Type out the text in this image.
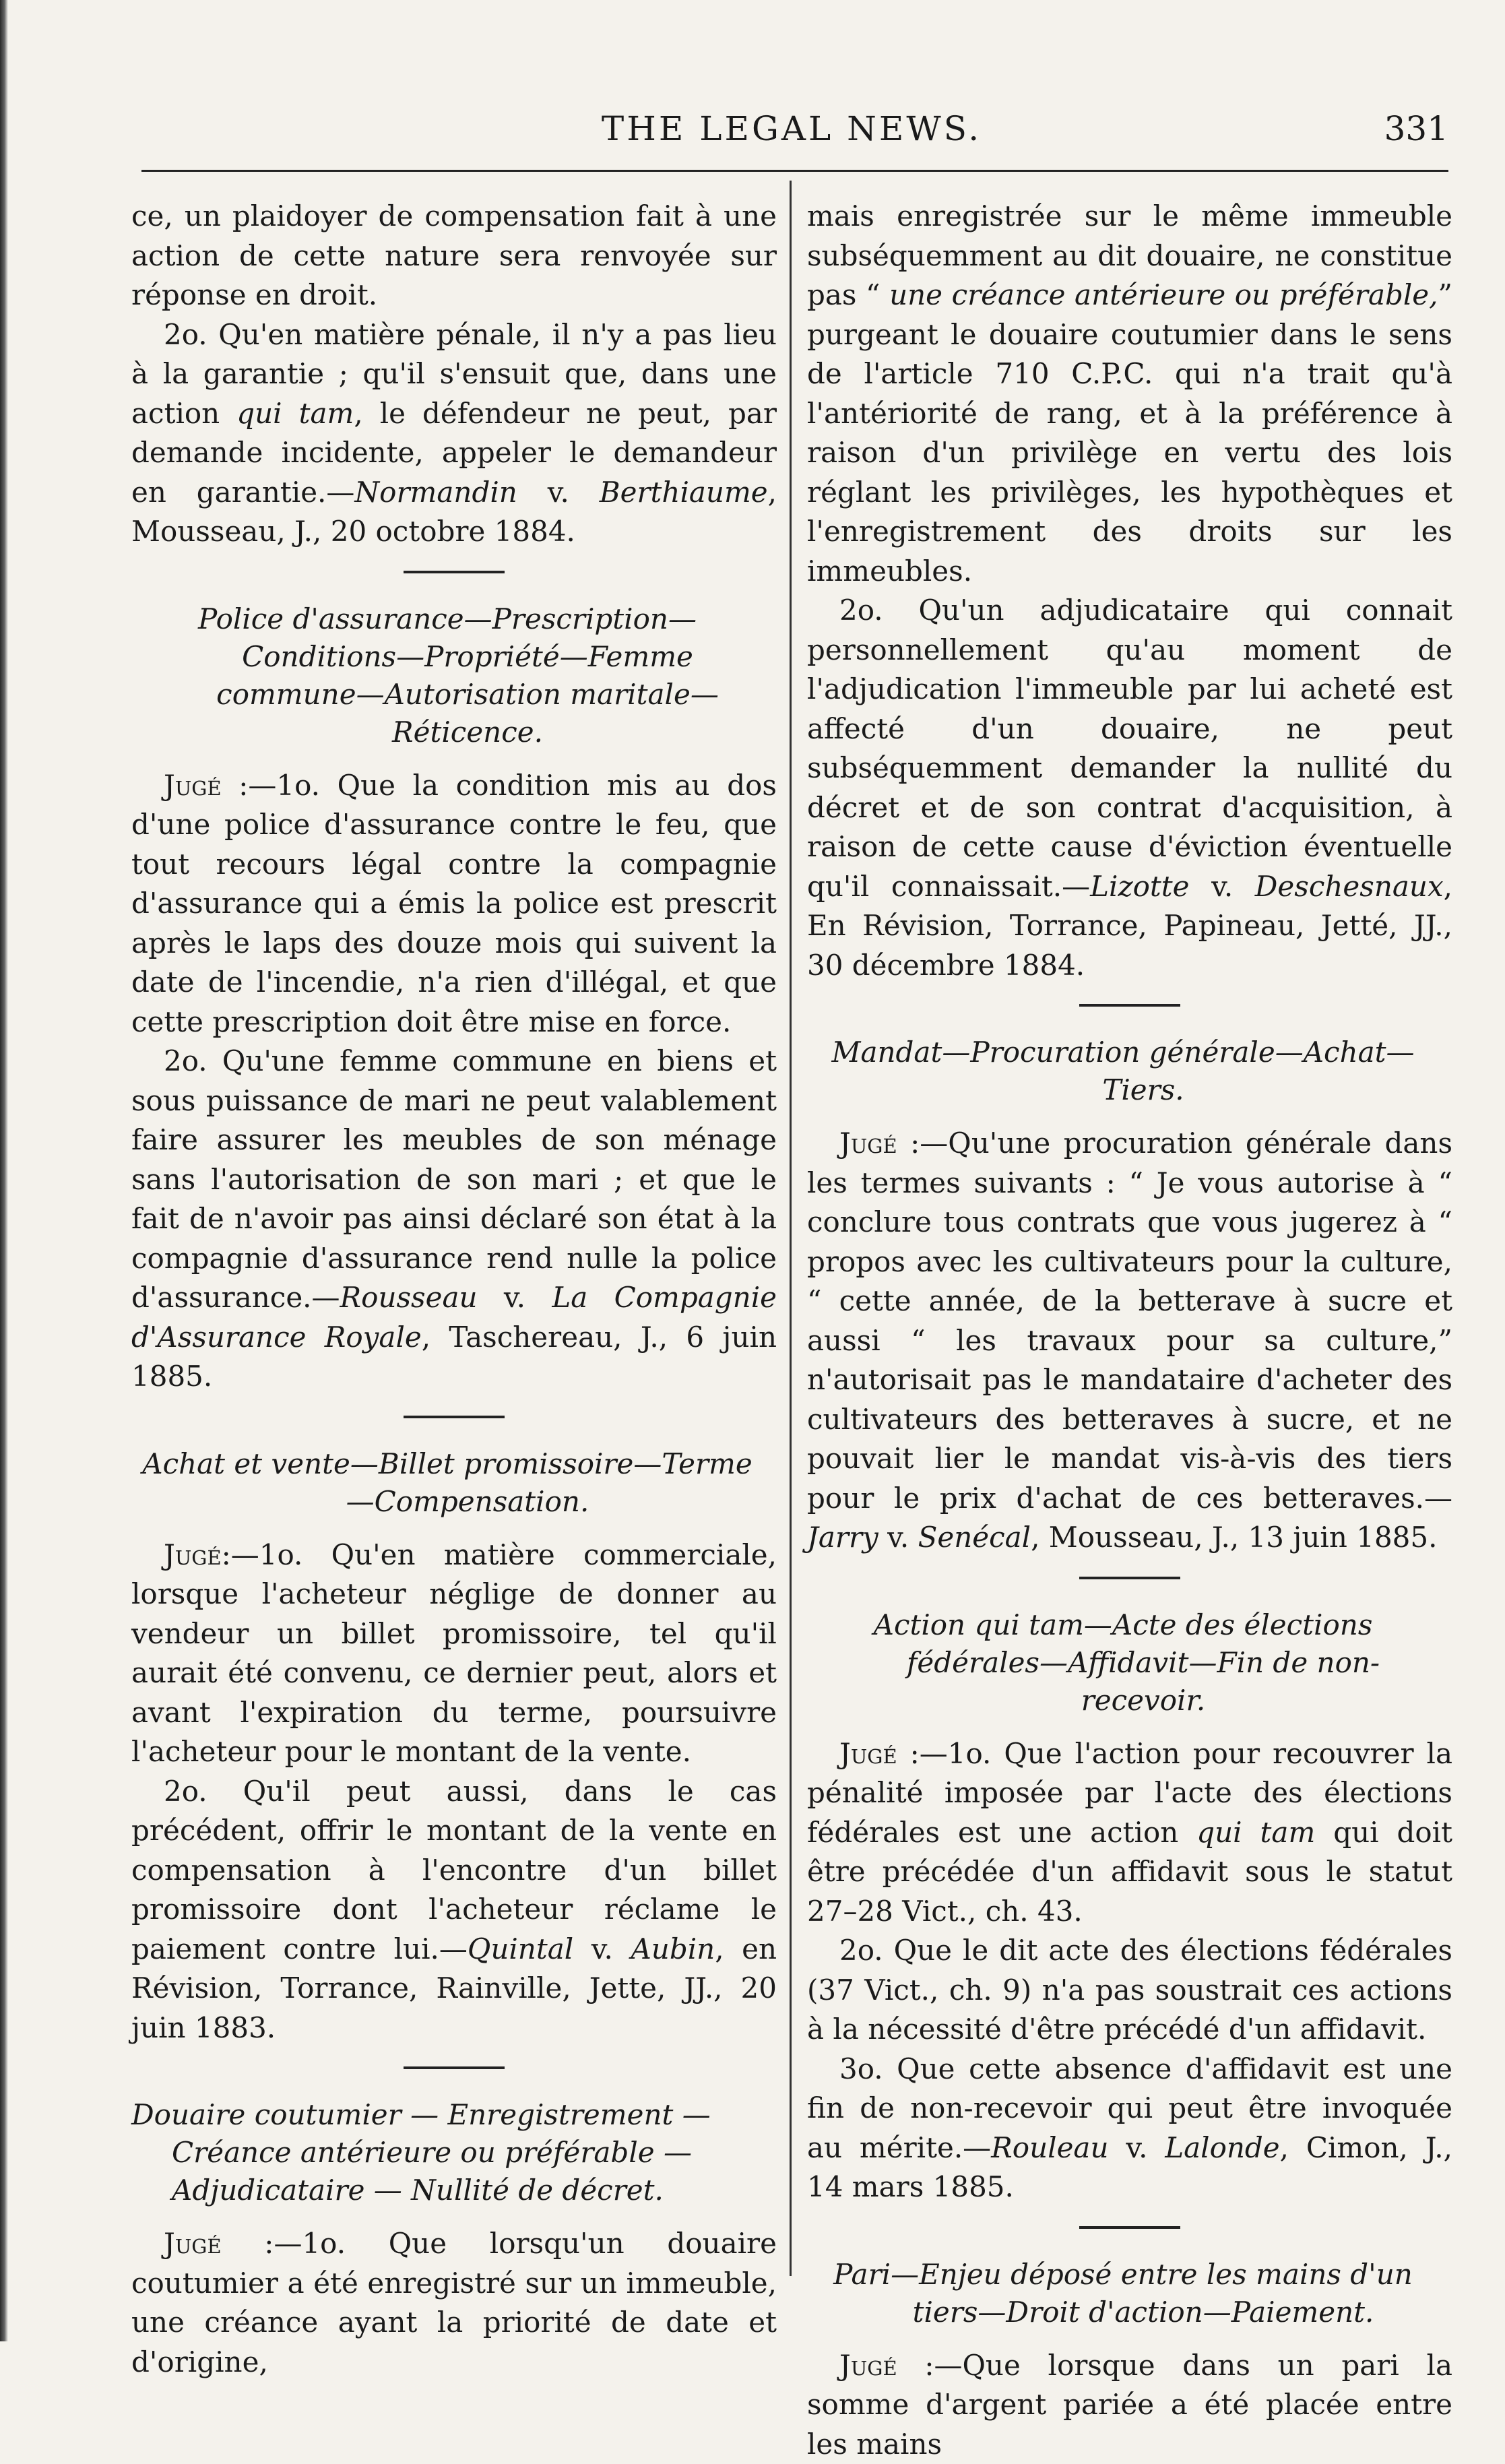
THE LEGAL NEWS.	331

ce, un plaidoyer de compensation fait à une action de cette nature sera renvoyée sur réponse en droit.

2o. Qu'en matière pénale, il n'y a pas lieu à la garantie ; qu'il s'ensuit que, dans une action qui tam, le défendeur ne peut, par demande incidente, appeler le demandeur en garantie.—Normandin v. Berthiaume, Mousseau, J., 20 octobre 1884.

Police d'assurance—Prescription—Conditions—Propriété—Femme commune—Autorisation maritale—Réticence.

Jugé :—1o. Que la condition mis au dos d'une police d'assurance contre le feu, que tout recours légal contre la compagnie d'assurance qui a émis la police est prescrit après le laps des douze mois qui suivent la date de l'incendie, n'a rien d'illégal, et que cette prescription doit être mise en force.

2o. Qu'une femme commune en biens et sous puissance de mari ne peut valablement faire assurer les meubles de son ménage sans l'autorisation de son mari ; et que le fait de n'avoir pas ainsi déclaré son état à la compagnie d'assurance rend nulle la police d'assurance.—Rousseau v. La Compagnie d'Assurance Royale, Taschereau, J., 6 juin 1885.

Achat et vente—Billet promissoire—Terme—Compensation.

Jugé:—1o. Qu'en matière commerciale, lorsque l'acheteur néglige de donner au vendeur un billet promissoire, tel qu'il aurait été convenu, ce dernier peut, alors et avant l'expiration du terme, poursuivre l'acheteur pour le montant de la vente.

2o. Qu'il peut aussi, dans le cas précédent, offrir le montant de la vente en compensation à l'encontre d'un billet promissoire dont l'acheteur réclame le paiement contre lui.—Quintal v. Aubin, en Révision, Torrance, Rainville, Jette, JJ., 20 juin 1883.

Douaire coutumier — Enregistrement — Créance antérieure ou préférable — Adjudicataire — Nullité de décret.

Jugé :—1o. Que lorsqu'un douaire coutumier a été enregistré sur un immeuble, une créance ayant la priorité de date et d'origine,

mais enregistrée sur le même immeuble subséquemment au dit douaire, ne constitue pas “ une créance antérieure ou préférable,” purgeant le douaire coutumier dans le sens de l'article 710 C.P.C. qui n'a trait qu'à l'antériorité de rang, et à la préférence à raison d'un privilège en vertu des lois réglant les privilèges, les hypothèques et l'enregistrement des droits sur les immeubles.

2o. Qu'un adjudicataire qui connait personnellement qu'au moment de l'adjudication l'immeuble par lui acheté est affecté d'un douaire, ne peut subséquemment demander la nullité du décret et de son contrat d'acquisition, à raison de cette cause d'éviction éventuelle qu'il connaissait.—Lizotte v. Deschesnaux, En Révision, Torrance, Papineau, Jetté, JJ., 30 décembre 1884.

Mandat—Procuration générale—Achat—Tiers.

Jugé :—Qu'une procuration générale dans les termes suivants : “ Je vous autorise à “ conclure tous contrats que vous jugerez à “ propos avec les cultivateurs pour la culture, “ cette année, de la betterave à sucre et aussi “ les travaux pour sa culture,” n'autorisait pas le mandataire d'acheter des cultivateurs des betteraves à sucre, et ne pouvait lier le mandat vis-à-vis des tiers pour le prix d'achat de ces betteraves.—Jarry v. Senécal, Mousseau, J., 13 juin 1885.

Action qui tam—Acte des élections fédérales—Affidavit—Fin de non-recevoir.

Jugé :—1o. Que l'action pour recouvrer la pénalité imposée par l'acte des élections fédérales est une action qui tam qui doit être précédée d'un affidavit sous le statut 27–28 Vict., ch. 43.

2o. Que le dit acte des élections fédérales (37 Vict., ch. 9) n'a pas soustrait ces actions à la nécessité d'être précédé d'un affidavit.

3o. Que cette absence d'affidavit est une fin de non-recevoir qui peut être invoquée au mérite.—Rouleau v. Lalonde, Cimon, J., 14 mars 1885.

Pari—Enjeu déposé entre les mains d'un tiers—Droit d'action—Paiement.

Jugé :—Que lorsque dans un pari la somme d'argent pariée a été placée entre les mains
